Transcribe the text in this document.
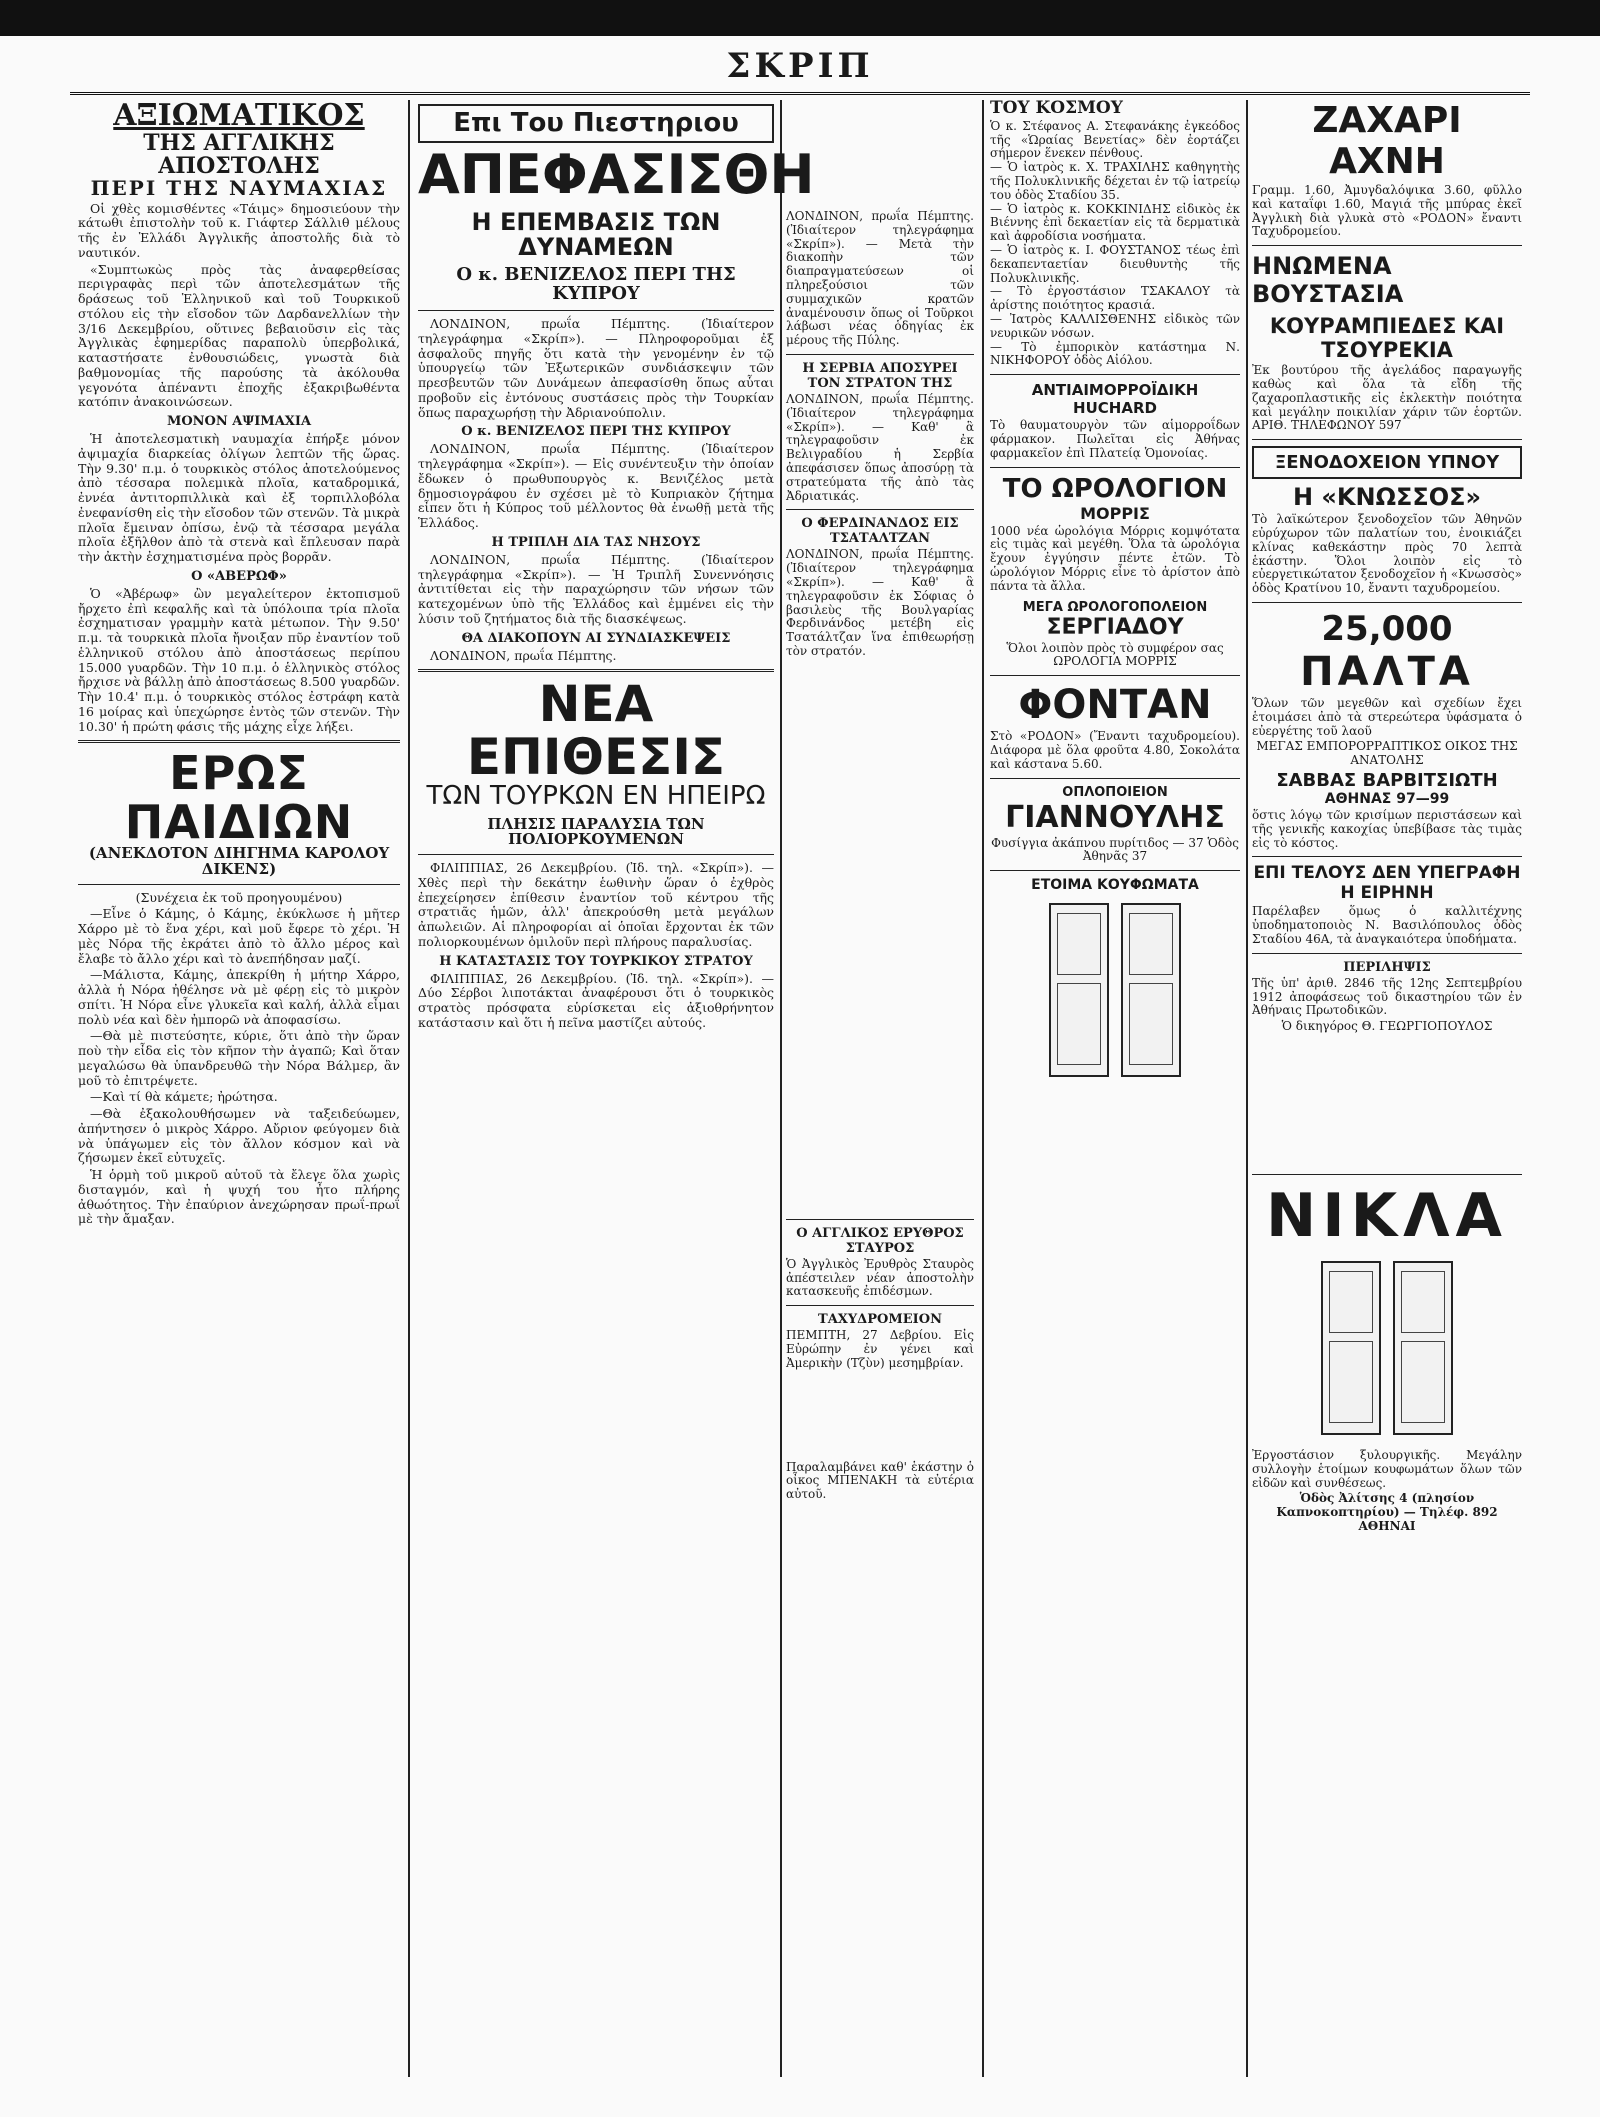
ΣΚΡΙΠ
ΑΞΙΩΜΑΤΙΚΟΣ
ΤΗΣ ΑΓΓΛΙΚΗΣ ΑΠΟΣΤΟΛΗΣ
ΠΕΡΙ ΤΗΣ ΝΑΥΜΑΧΙΑΣ

Οἱ χθὲς κομισθέντες «Τάιμς» δημοσιεύουν τὴν κάτωθι ἐπιστολὴν τοῦ κ. Γιάφτερ Σάλλιθ μέλους τῆς ἐν Ἑλλάδι Ἀγγλικῆς ἀποστολῆς διὰ τὸ ναυτικόν.

«Συμπτωκὼς πρὸς τὰς ἀναφερθείσας περιγραφὰς περὶ τῶν ἀποτελεσμάτων τῆς δράσεως τοῦ Ἑλληνικοῦ καὶ τοῦ Τουρκικοῦ στόλου εἰς τὴν εἴσοδον τῶν Δαρδανελλίων τὴν 3/16 Δεκεμβρίου, οὕτινες βεβαιοῦσιν εἰς τὰς Ἀγγλικὰς ἐφημερίδας παραπολὺ ὑπερβολικά, καταστήσατε ἐνθουσιώδεις, γνωστὰ διὰ βαθμονομίας τῆς παρούσης τὰ ἀκόλουθα γεγονότα ἀπέναντι ἐποχῆς ἐξακριβωθέντα κατόπιν ἀνακοινώσεων.

ΜΟΝΟΝ ΑΨΙΜΑΧΙΑ

Ἡ ἀποτελεσματικὴ ναυμαχία ἐπήρξε μόνον ἀψιμαχία διαρκείας ὀλίγων λεπτῶν τῆς ὥρας. Τὴν 9.30' π.μ. ὁ τουρκικὸς στόλος ἀποτελούμενος ἀπὸ τέσσαρα πολεμικὰ πλοῖα, καταδρομικά, ἐννέα ἀντιτορπιλλικὰ καὶ ἐξ τορπιλλοβόλα ἐνεφανίσθη εἰς τὴν εἴσοδον τῶν στενῶν. Τὰ μικρὰ πλοῖα ἔμειναν ὀπίσω, ἐνῷ τὰ τέσσαρα μεγάλα πλοῖα ἐξῆλθον ἀπὸ τὰ στενὰ καὶ ἔπλευσαν παρὰ τὴν ἀκτὴν ἐσχηματισμένα πρὸς βορρᾶν.

Ο «ΑΒΕΡΩΦ»

Ὁ «Ἀβέρωφ» ὢν μεγαλείτερον ἐκτοπισμοῦ ἤρχετο ἐπὶ κεφαλῆς καὶ τὰ ὑπόλοιπα τρία πλοῖα ἐσχηματισαν γραμμὴν κατὰ μέτωπον. Τὴν 9.50' π.μ. τὰ τουρκικὰ πλοῖα ἤνοιξαν πῦρ ἐναντίον τοῦ ἑλληνικοῦ στόλου ἀπὸ ἀποστάσεως περίπου 15.000 γυαρδῶν. Τὴν 10 π.μ. ὁ ἑλληνικὸς στόλος ἤρχισε νὰ βάλλῃ ἀπὸ ἀποστάσεως 8.500 γυαρδῶν. Τὴν 10.4' π.μ. ὁ τουρκικὸς στόλος ἐστράφη κατὰ 16 μοίρας καὶ ὑπεχώρησε ἐντὸς τῶν στενῶν. Τὴν 10.30' ἡ πρώτη φάσις τῆς μάχης εἶχε λήξει.

ΕΡΩΣ ΠΑΙΔΙΩΝ
(ΑΝΕΚΔΟΤΟΝ ΔΙΗΓΗΜΑ ΚΑΡΟΛΟΥ ΔΙΚΕΝΣ)

(Συνέχεια ἐκ τοῦ προηγουμένου)

—Εἶνε ὁ Κάμης, ὁ Κάμης, ἐκύκλωσε ἡ μῆτερ Χάρρο μὲ τὸ ἕνα χέρι, καὶ μοῦ ἔφερε τὸ χέρι. Ἡ μὲς Νόρα τῆς ἐκράτει ἀπὸ τὸ ἄλλο μέρος καὶ ἔλαβε τὸ ἄλλο χέρι καὶ τὸ ἀνεπήδησαν μαζί.

—Μάλιστα, Κάμης, ἀπεκρίθη ἡ μήτηρ Χάρρο, ἀλλὰ ἡ Νόρα ἠθέλησε νὰ μὲ φέρῃ εἰς τὸ μικρὸν σπίτι. Ἡ Νόρα εἶνε γλυκεῖα καὶ καλή, ἀλλὰ εἶμαι πολὺ νέα καὶ δὲν ἠμπορῶ νὰ ἀποφασίσω.

—Θὰ μὲ πιστεύσητε, κύριε, ὅτι ἀπὸ τὴν ὥραν ποὺ τὴν εἶδα εἰς τὸν κῆπον τὴν ἀγαπῶ; Καὶ ὅταν μεγαλώσω θὰ ὑπανδρευθῶ τὴν Νόρα Βάλμερ, ἂν μοῦ τὸ ἐπιτρέψετε.

—Καὶ τί θὰ κάμετε; ἠρώτησα.

—Θὰ ἐξακολουθήσωμεν νὰ ταξειδεύωμεν, ἀπήντησεν ὁ μικρὸς Χάρρο. Αὔριον φεύγομεν διὰ νὰ ὑπάγωμεν εἰς τὸν ἄλλον κόσμον καὶ νὰ ζήσωμεν ἐκεῖ εὐτυχεῖς.

Ἡ ὁρμὴ τοῦ μικροῦ αὐτοῦ τὰ ἔλεγε ὅλα χωρὶς δισταγμόν, καὶ ἡ ψυχή του ἦτο πλήρης ἀθωότητος. Τὴν ἐπαύριον ἀνεχώρησαν πρωΐ-πρωΐ μὲ τὴν ἄμαξαν.

Επι Του Πιεστηριου
ΑΠΕΦΑΣΙΣΘΗ
Η ΕΠΕΜΒΑΣΙΣ ΤΩΝ ΔΥΝΑΜΕΩΝ
Ο κ. ΒΕΝΙΖΕΛΟΣ ΠΕΡΙ ΤΗΣ ΚΥΠΡΟΥ

ΛΟΝΔΙΝΟΝ, πρωΐα Πέμπτης. (Ἰδιαίτερον τηλεγράφημα «Σκρίπ»). — Πληροφοροῦμαι ἐξ ἀσφαλοῦς πηγῆς ὅτι κατὰ τὴν γενομένην ἐν τῷ ὑπουργείῳ τῶν Ἐξωτερικῶν συνδιάσκεψιν τῶν πρεσβευτῶν τῶν Δυνάμεων ἀπεφασίσθη ὅπως αὗται προβοῦν εἰς ἐντόνους συστάσεις πρὸς τὴν Τουρκίαν ὅπως παραχωρήσῃ τὴν Ἀδριανούπολιν.

Ο κ. ΒΕΝΙΖΕΛΟΣ ΠΕΡΙ ΤΗΣ ΚΥΠΡΟΥ

ΛΟΝΔΙΝΟΝ, πρωΐα Πέμπτης. (Ἰδιαίτερον τηλεγράφημα «Σκρίπ»). — Εἰς συνέντευξιν τὴν ὁποίαν ἔδωκεν ὁ πρωθυπουργὸς κ. Βενιζέλος μετὰ δημοσιογράφου ἐν σχέσει μὲ τὸ Κυπριακὸν ζήτημα εἶπεν ὅτι ἡ Κύπρος τοῦ μέλλοντος θὰ ἑνωθῇ μετὰ τῆς Ἑλλάδος.

Η ΤΡΙΠΛΗ ΔΙΑ ΤΑΣ ΝΗΣΟΥΣ

ΛΟΝΔΙΝΟΝ, πρωΐα Πέμπτης. (Ἰδιαίτερον τηλεγράφημα «Σκρίπ»). — Ἡ Τριπλῆ Συνεννόησις ἀντιτίθεται εἰς τὴν παραχώρησιν τῶν νήσων τῶν κατεχομένων ὑπὸ τῆς Ἑλλάδος καὶ ἐμμένει εἰς τὴν λύσιν τοῦ ζητήματος διὰ τῆς διασκέψεως.

ΘΑ ΔΙΑΚΟΠΟΥΝ ΑΙ ΣΥΝΔΙΑΣΚΕΨΕΙΣ

ΛΟΝΔΙΝΟΝ, πρωΐα Πέμπτης.

ΝΕΑ ΕΠΙΘΕΣΙΣ
ΤΩΝ ΤΟΥΡΚΩΝ ΕΝ ΗΠΕΙΡΩ
ΠΛΗΣΙΣ ΠΑΡΑΛΥΣΙΑ ΤΩΝ ΠΟΛΙΟΡΚΟΥΜΕΝΩΝ

ΦΙΛΙΠΠΙΑΣ, 26 Δεκεμβρίου. (Ἰδ. τηλ. «Σκρίπ»). — Χθὲς περὶ τὴν δεκάτην ἑωθινὴν ὥραν ὁ ἐχθρὸς ἐπεχείρησεν ἐπίθεσιν ἐναντίον τοῦ κέντρου τῆς στρατιᾶς ἡμῶν, ἀλλ' ἀπεκρούσθη μετὰ μεγάλων ἀπωλειῶν. Αἱ πληροφορίαι αἱ ὁποῖαι ἔρχονται ἐκ τῶν πολιορκουμένων ὁμιλοῦν περὶ πλήρους παραλυσίας.

Η ΚΑΤΑΣΤΑΣΙΣ ΤΟΥ ΤΟΥΡΚΙΚΟΥ ΣΤΡΑΤΟΥ

ΦΙΛΙΠΠΙΑΣ, 26 Δεκεμβρίου. (Ἰδ. τηλ. «Σκρίπ»). — Δύο Σέρβοι λιποτάκται ἀναφέρουσι ὅτι ὁ τουρκικὸς στρατὸς πρόσφατα εὑρίσκεται εἰς ἀξιοθρήνητον κατάστασιν καὶ ὅτι ἡ πεῖνα μαστίζει αὐτούς.

ΛΟΝΔΙΝΟΝ, πρωΐα Πέμπτης. (Ἰδιαίτερον τηλεγράφημα «Σκρίπ»). — Μετὰ τὴν διακοπὴν τῶν διαπραγματεύσεων οἱ πληρεξούσιοι τῶν συμμαχικῶν κρατῶν ἀναμένουσιν ὅπως οἱ Τοῦρκοι λάβωσι νέας ὁδηγίας ἐκ μέρους τῆς Πύλης.
Η ΣΕΡΒΙΑ ΑΠΟΣΥΡΕΙ ΤΟΝ ΣΤΡΑΤΟΝ ΤΗΣ
ΛΟΝΔΙΝΟΝ, πρωΐα Πέμπτης. (Ἰδιαίτερον τηλεγράφημα «Σκρίπ»). — Καθ' ἃ τηλεγραφοῦσιν ἐκ Βελιγραδίου ἡ Σερβία ἀπεφάσισεν ὅπως ἀποσύρῃ τὰ στρατεύματα τῆς ἀπὸ τὰς Ἀδριατικάς.
Ο ΦΕΡΔΙΝΑΝΔΟΣ ΕΙΣ ΤΣΑΤΑΛΤΖΑΝ
ΛΟΝΔΙΝΟΝ, πρωΐα Πέμπτης. (Ἰδιαίτερον τηλεγράφημα «Σκρίπ»). — Καθ' ἃ τηλεγραφοῦσιν ἐκ Σόφιας ὁ βασιλεὺς τῆς Βουλγαρίας Φερδινάνδος μετέβη εἰς Τσατάλτζαν ἵνα ἐπιθεωρήσῃ τὸν στρατόν.
Ο ΑΓΓΛΙΚΟΣ ΕΡΥΘΡΟΣ ΣΤΑΥΡΟΣ
Ὁ Ἀγγλικὸς Ἐρυθρὸς Σταυρὸς ἀπέστειλεν νέαν ἀποστολὴν κατασκευῆς ἐπιδέσμων.
ΤΑΧΥΔΡΟΜΕΙΟΝ
ΠΕΜΠΤΗ, 27 Δεβρίου. Εἰς Εὐρώπην ἐν γένει καὶ Ἀμερικὴν (Τζὺν) μεσημβρίαν.
Παραλαμβάνει καθ' ἑκάστην ὁ οἶκος ΜΠΕΝΑΚΗ τὰ εὐτέρια αὐτοῦ.
ΤΟΥ ΚΟΣΜΟΥ
Ὁ κ. Στέφανος Α. Στεφανάκης ἐγκεόδος τῆς «Ὡραίας Βενετίας» δὲν ἑορτάζει σήμερον ἕνεκεν πένθους.
— Ὁ ἰατρὸς κ. Χ. ΤΡΑΧΙΛΗΣ καθηγητὴς τῆς Πολυκλινικῆς δέχεται ἐν τῷ ἰατρείῳ του ὁδὸς Σταδίου 35.
— Ὁ ἰατρὸς κ. ΚΟΚΚΙΝΙΔΗΣ εἰδικὸς ἐκ Βιέννης ἐπὶ δεκαετίαν εἰς τὰ δερματικὰ καὶ ἀφροδίσια νοσήματα.
— Ὁ ἰατρὸς κ. Ι. ΦΟΥΣΤΑΝΟΣ τέως ἐπὶ δεκαπενταετίαν διευθυντὴς τῆς Πολυκλινικῆς.
— Τὸ ἐργοστάσιον ΤΣΑΚΑΛΟΥ τὰ ἀρίστης ποιότητος κρασιά.
— Ἰατρὸς ΚΑΛΛΙΣΘΕΝΗΣ εἰδικὸς τῶν νευρικῶν νόσων.
— Τὸ ἐμπορικὸν κατάστημα Ν. ΝΙΚΗΦΟΡΟΥ ὁδὸς Αἰόλου.
ΑΝΤΙΑΙΜΟΡΡΟΪΔΙΚΗ ΗUCHARD
Τὸ θαυματουργὸν τῶν αἱμορροΐδων φάρμακον. Πωλεῖται εἰς Ἀθήνας φαρμακεῖον ἐπὶ Πλατείᾳ Ὁμονοίας.
ΤΟ ΩΡΟΛΟΓΙΟΝ
ΜΟΡΡΙΣ
1000 νέα ὡρολόγια Μόρρις κομψότατα εἰς τιμὰς καὶ μεγέθη. Ὅλα τὰ ὡρολόγια ἔχουν ἐγγύησιν πέντε ἐτῶν. Τὸ ὡρολόγιον Μόρρις εἶνε τὸ ἀρίστον ἀπὸ πάντα τὰ ἄλλα.
ΜΕΓΑ ΩΡΟΛΟΓΟΠΟΛΕΙΟΝ
ΣΕΡΓΙΑΔΟΥ
Ὅλοι λοιπὸν πρὸς τὸ συμφέρον σας ΩΡΟΛΟΓΙΑ ΜΟΡΡΙΣ
ΦΟΝΤΑΝ
Στὸ «ΡΟΔΟΝ» (Ἔναντι ταχυδρομείου). Διάφορα μὲ ὅλα φροῦτα 4.80, Σοκολάτα καὶ κάστανα 5.60.
ΟΠΛΟΠΟΙΕΙΟΝ
ΓΙΑΝΝΟΥΛΗΣ
Φυσίγγια ἀκάπνου πυρίτιδος — 37 Ὁδὸς Ἀθηνᾶς 37
ΕΤΟΙΜΑ ΚΟΥΦΩΜΑΤΑ
ΖΑΧΑΡΙ ΑΧΝΗ
Γραμμ. 1.60, Ἀμυγδαλόψικα 3.60, φῦλλο καὶ καταΐφι 1.60, Μαγιά τῆς μπύρας ἐκεῖ Ἀγγλικὴ διὰ γλυκὰ στὸ «ΡΟΔΟΝ» ἔναντι Ταχυδρομείου.
ΗΝΩΜΕΝΑ ΒΟΥΣΤΑΣΙΑ
ΚΟΥΡΑΜΠΙΕΔΕΣ ΚΑΙ ΤΣΟΥΡΕΚΙΑ
Ἐκ βουτύρου τῆς ἀγελάδος παραγωγῆς καθὼς καὶ ὅλα τὰ εἴδη τῆς ζαχαροπλαστικῆς εἰς ἐκλεκτὴν ποιότητα καὶ μεγάλην ποικιλίαν χάριν τῶν ἑορτῶν. ΑΡΙΘ. ΤΗΛΕΦΩΝΟΥ 597
ΞΕΝΟΔΟΧΕΙΟΝ ΥΠΝΟΥ
Η «ΚΝΩΣΣΟΣ»
Τὸ λαϊκώτερον ξενοδοχεῖον τῶν Ἀθηνῶν εὐρύχωρον τῶν παλατίων του, ἐνοικιάζει κλίνας καθεκάστην πρὸς 70 λεπτὰ ἑκάστην. Ὅλοι λοιπὸν εἰς τὸ εὐεργετικώτατον ξενοδοχεῖον ἡ «Κνωσσὸς» ὁδὸς Κρατίνου 10, ἔναντι ταχυδρομείου.
25,000
ΠΑΛΤΑ
Ὅλων τῶν μεγεθῶν καὶ σχεδίων ἔχει ἑτοιμάσει ἀπὸ τὰ στερεώτερα ὑφάσματα ὁ εὐεργέτης τοῦ λαοῦ
ΜΕΓΑΣ ΕΜΠΟΡΟΡΡΑΠΤΙΚΟΣ ΟΙΚΟΣ ΤΗΣ ΑΝΑΤΟΛΗΣ
ΣΑΒΒΑΣ ΒΑΡΒΙΤΣΙΩΤΗ
ΑΘΗΝΑΣ 97—99
ὅστις λόγῳ τῶν κρισίμων περιστάσεων καὶ τῆς γενικῆς κακοχίας ὑπεβίβασε τὰς τιμὰς εἰς τὸ κόστος.
ΕΠΙ ΤΕΛΟΥΣ ΔΕΝ ΥΠΕΓΡΑΦΗ Η ΕΙΡΗΝΗ
Παρέλαβεν ὅμως ὁ καλλιτέχνης ὑποδηματοποιὸς Ν. Βασιλόπουλος ὁδὸς Σταδίου 46Α, τὰ ἀναγκαιότερα ὑποδήματα.
ΠΕΡΙΛΗΨΙΣ
Τῆς ὑπ' ἀριθ. 2846 τῆς 12ης Σεπτεμβρίου 1912 ἀποφάσεως τοῦ δικαστηρίου τῶν ἐν Ἀθήναις Πρωτοδικῶν.
Ὁ δικηγόρος Θ. ΓΕΩΡΓΙΟΠΟΥΛΟΣ
ΝΙΚΛΑ
Ἐργοστάσιον ξυλουργικῆς. Μεγάλην συλλογὴν ἑτοίμων κουφωμάτων ὅλων τῶν εἰδῶν καὶ συνθέσεως.
Ὁδὸς Ἀλίτσης 4 (πλησίον Καπνοκοπτηρίου) — Τηλέφ. 892 ΑΘΗΝΑΙ
